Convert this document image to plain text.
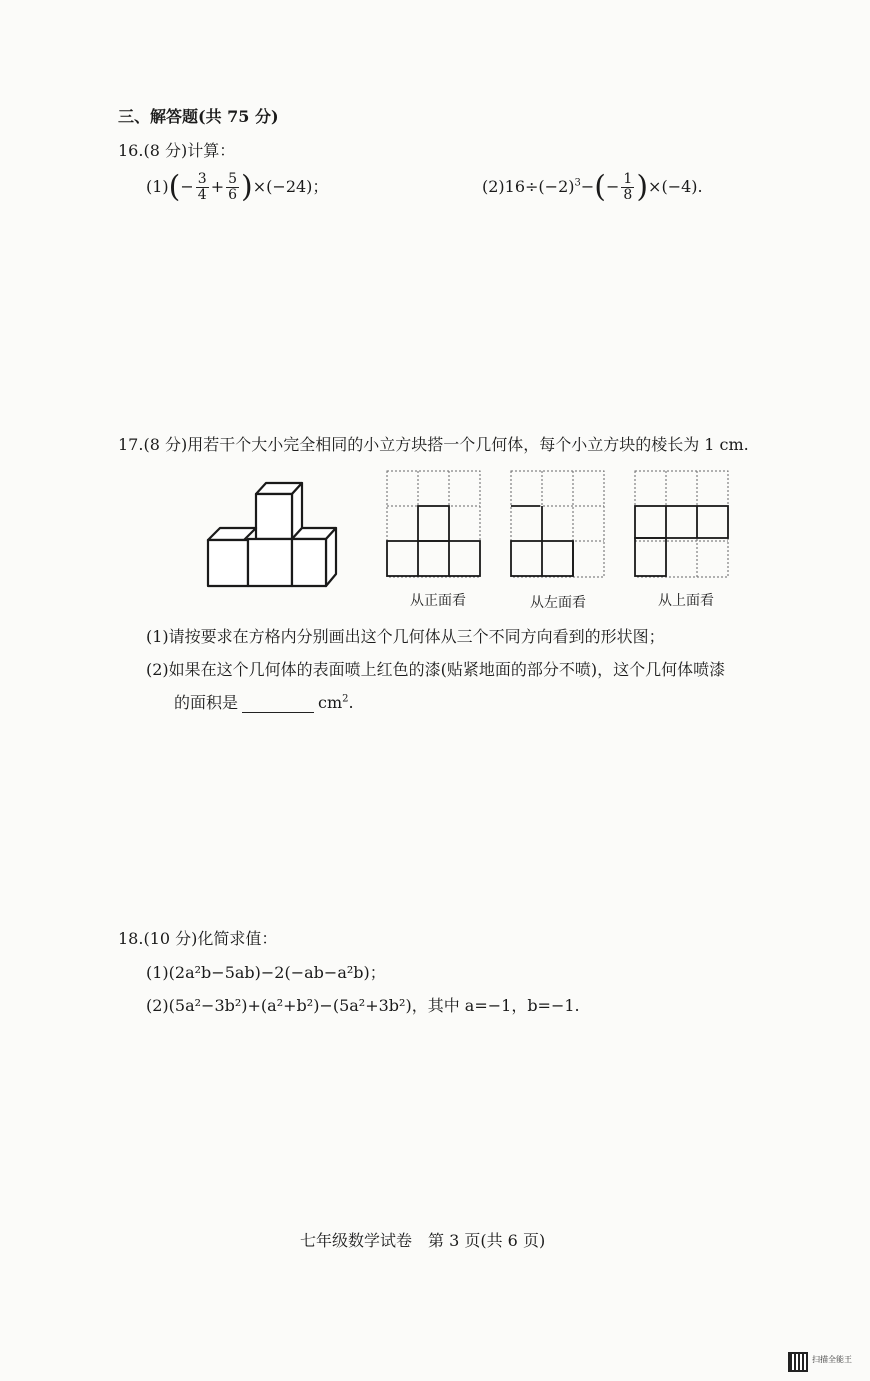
三、解答题(共 75 分)
16.(8 分)计算：
$(1)(- \frac{3}{4} + \frac{5}{6} )\times(-24)$；	$(2)16\div(-2)^3-(- \frac{1}{8} )\times(-4)$.
17.(8 分)用若干个大小完全相同的小立方块搭一个几何体，每个小立方块的棱长为 1 cm.
从正面看	从左面看	从上面看
(1)请按要求在方格内分别画出这个几何体从三个不同方向看到的形状图；
(2)如果在这个几何体的表面喷上红色的漆(贴紧地面的部分不喷)，这个几何体喷漆
的面积是	$cm^2$.
18.(10 分)化简求值：
(1)(2a²b−5ab)−2(−ab−a²b)；
(2)(5a²−3b²)+(a²+b²)−(5a²+3b²)，其中 a=−1，b=−1.
七年级数学试卷　第 3 页(共 6 页)
扫描全能王
